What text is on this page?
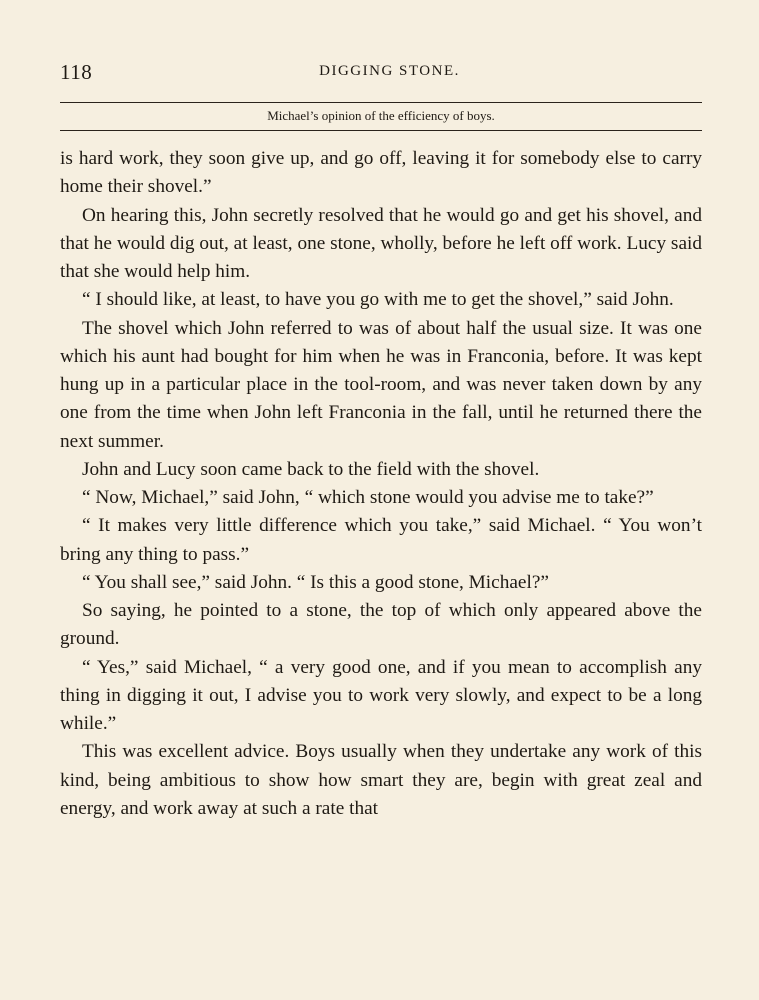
118	DIGGING STONE.
Michael’s opinion of the efficiency of boys.

is hard work, they soon give up, and go off, leaving it for somebody else to carry home their shovel.”

On hearing this, John secretly resolved that he would go and get his shovel, and that he would dig out, at least, one stone, wholly, before he left off work. Lucy said that she would help him.

“ I should like, at least, to have you go with me to get the shovel,” said John.

The shovel which John referred to was of about half the usual size. It was one which his aunt had bought for him when he was in Franconia, before. It was kept hung up in a particular place in the tool-room, and was never taken down by any one from the time when John left Franconia in the fall, until he returned there the next summer.

John and Lucy soon came back to the field with the shovel.

“ Now, Michael,” said John, “ which stone would you advise me to take?”

“ It makes very little difference which you take,” said Michael. “ You won’t bring any thing to pass.”

“ You shall see,” said John. “ Is this a good stone, Michael?”

So saying, he pointed to a stone, the top of which only appeared above the ground.

“ Yes,” said Michael, “ a very good one, and if you mean to accomplish any thing in digging it out, I advise you to work very slowly, and expect to be a long while.”

This was excellent advice. Boys usually when they undertake any work of this kind, being ambitious to show how smart they are, begin with great zeal and energy, and work away at such a rate that
